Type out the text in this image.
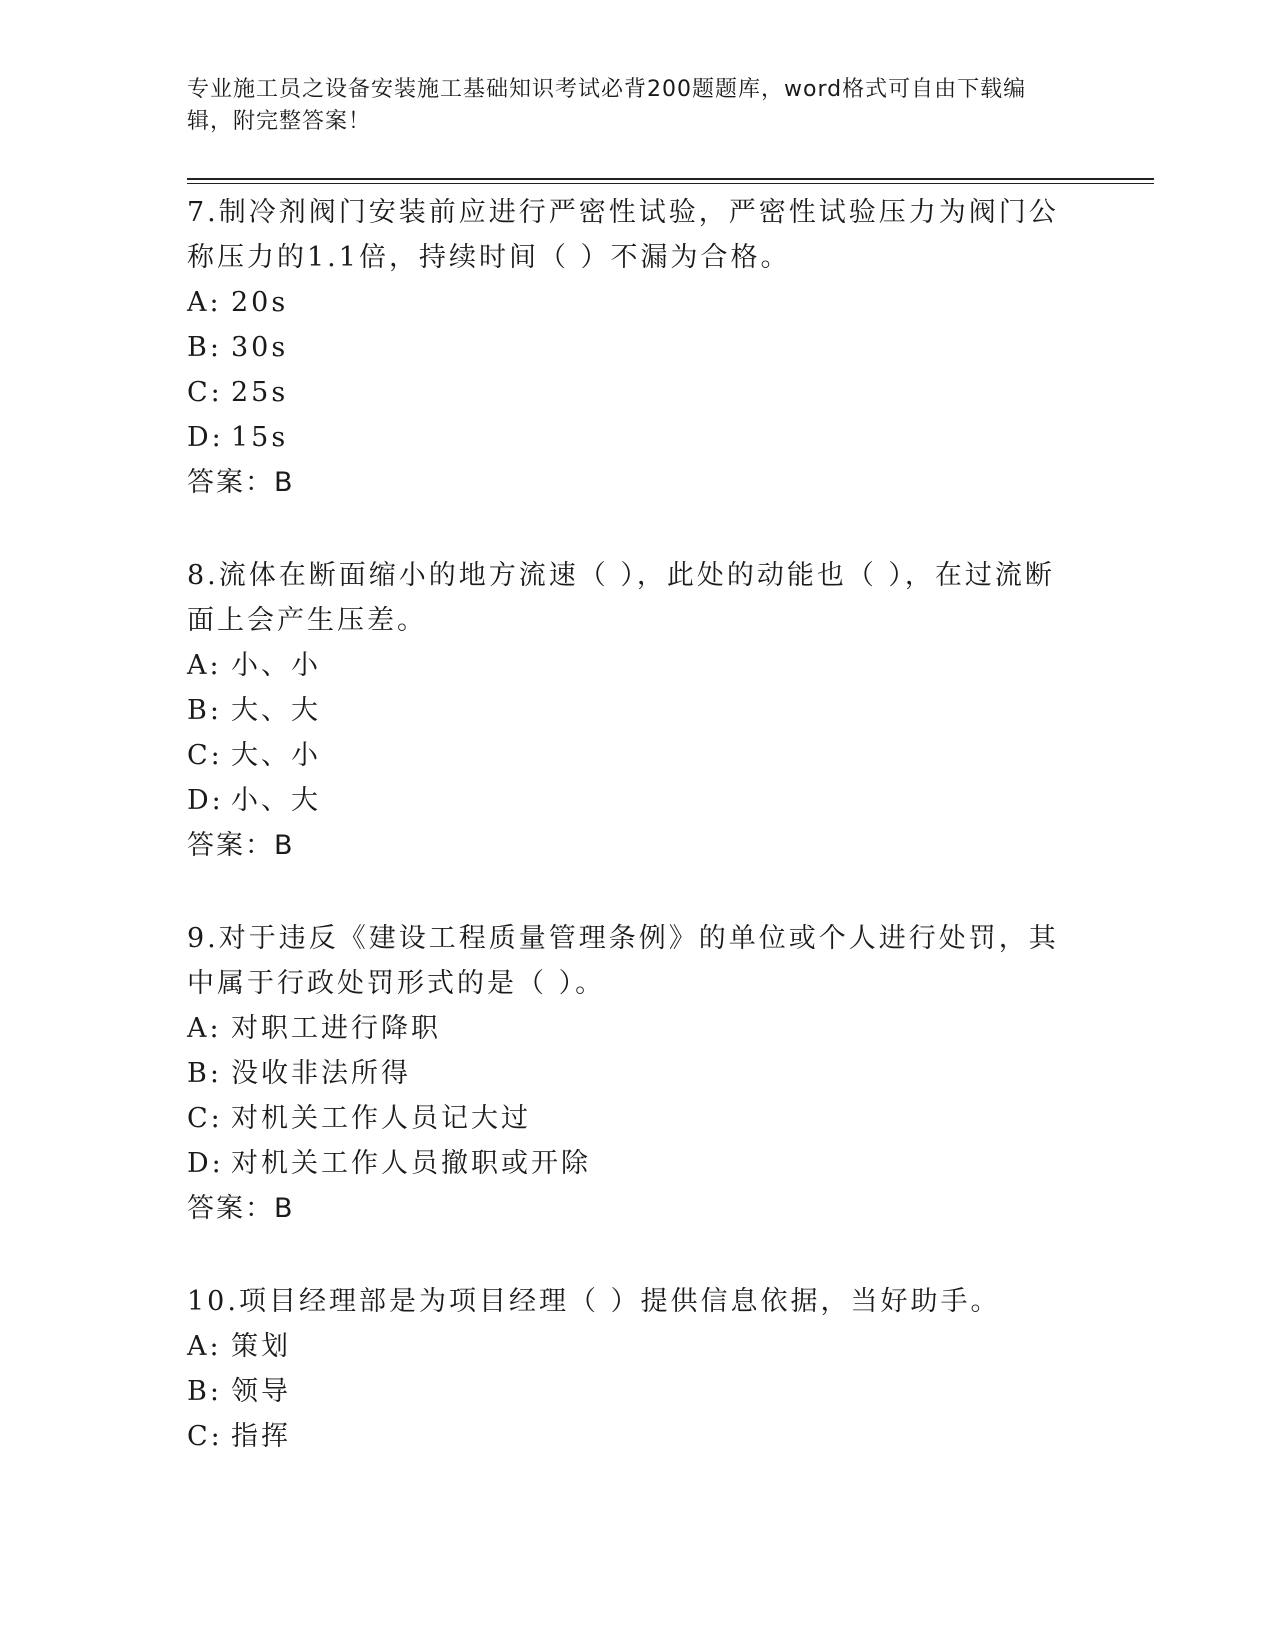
专业施工员之设备安装施工基础知识考试必背200题题库，word格式可自由下载编辑，附完整答案！

7.制冷剂阀门安装前应进行严密性试验，严密性试验压力为阀门公称压力的1.1倍，持续时间（ ）不漏为合格。

A: 20s

B: 30s

C: 25s

D: 15s

答案：B

8.流体在断面缩小的地方流速（ ），此处的动能也（ ），在过流断面上会产生压差。

A: 小、小

B: 大、大

C: 大、小

D: 小、大

答案：B

9.对于违反《建设工程质量管理条例》的单位或个人进行处罚，其中属于行政处罚形式的是（ ）。

A: 对职工进行降职

B: 没收非法所得

C: 对机关工作人员记大过

D: 对机关工作人员撤职或开除

答案：B

10.项目经理部是为项目经理（ ）提供信息依据，当好助手。

A: 策划

B: 领导

C: 指挥
